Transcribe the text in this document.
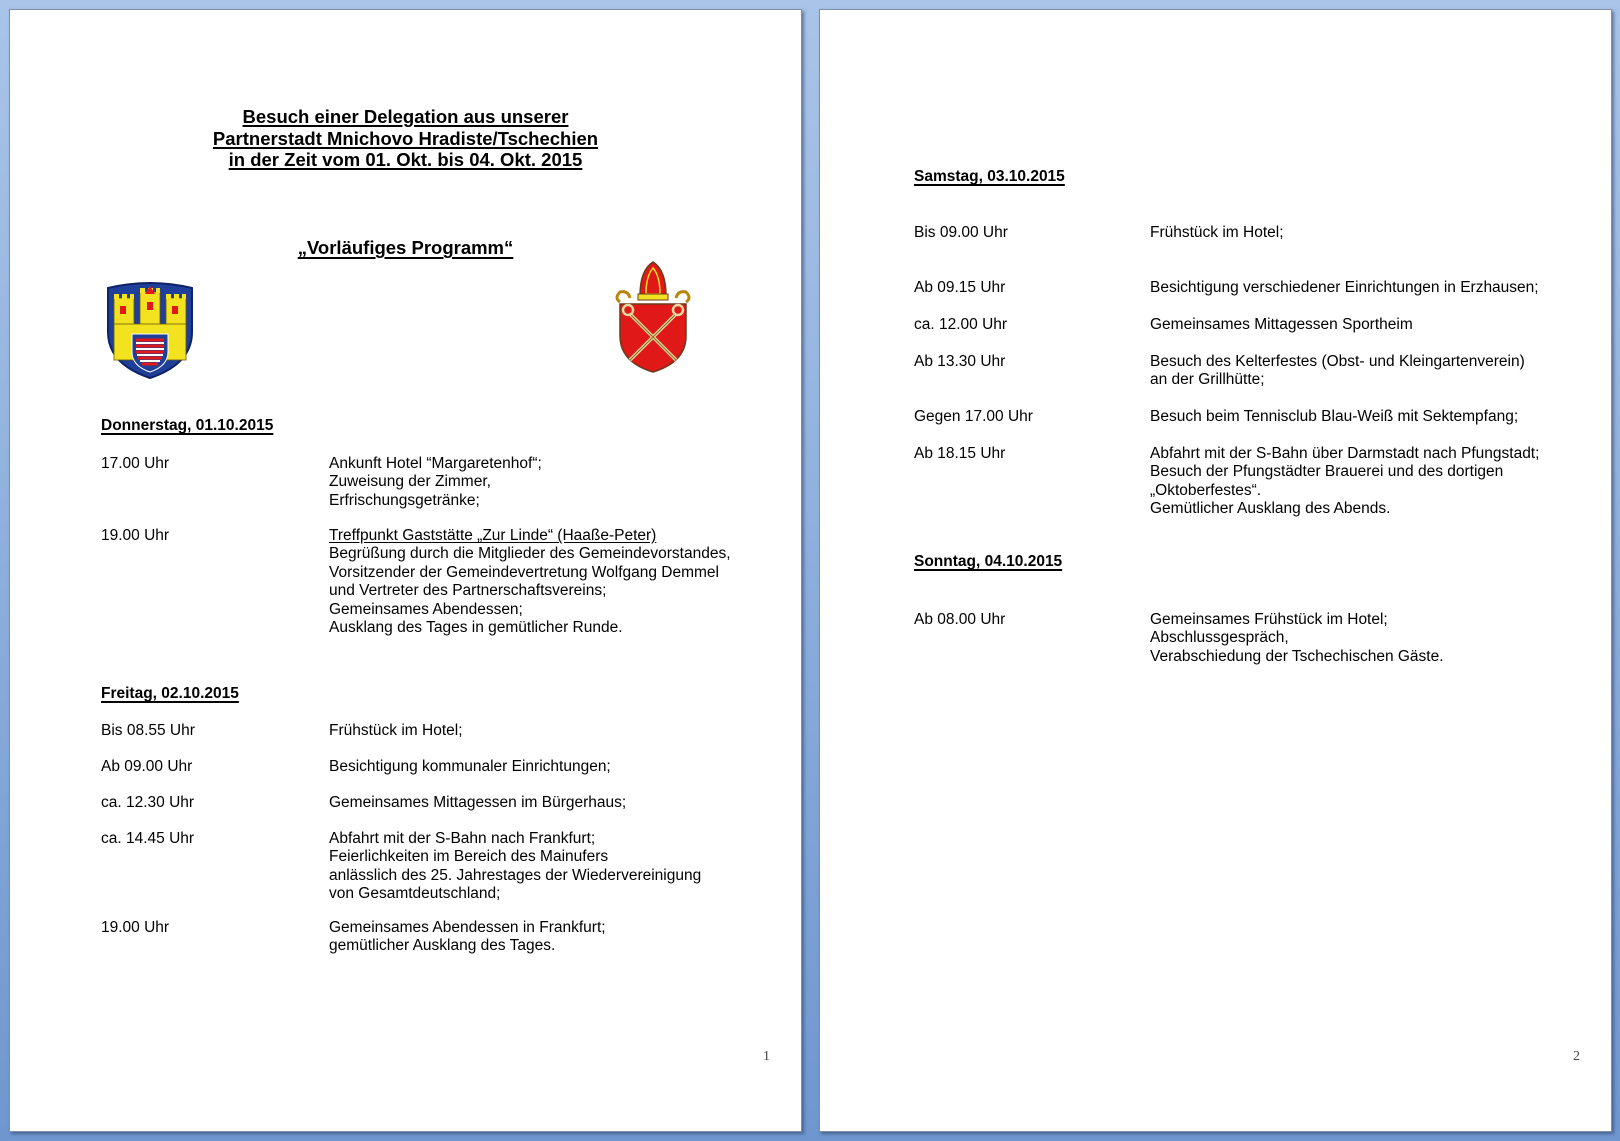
Besuch einer Delegation aus unserer
Partnerstadt Mnichovo Hradiste/Tschechien
in der Zeit vom 01. Okt. bis 04. Okt. 2015
„Vorläufiges Programm“
Donnerstag, 01.10.2015
17.00 Uhr	Ankunft Hotel “Margaretenhof“;
Zuweisung der Zimmer,
Erfrischungsgetränke;
19.00 Uhr	Treffpunkt Gaststätte „Zur Linde“ (Haaße-Peter)
Begrüßung durch die Mitglieder des Gemeindevorstandes,
Vorsitzender der Gemeindevertretung Wolfgang Demmel
und Vertreter des Partnerschaftsvereins;
Gemeinsames Abendessen;
Ausklang des Tages in gemütlicher Runde.
Freitag, 02.10.2015
Bis 08.55 Uhr	Frühstück im Hotel;
Ab 09.00 Uhr	Besichtigung kommunaler Einrichtungen;
ca. 12.30 Uhr	Gemeinsames Mittagessen im Bürgerhaus;
ca. 14.45 Uhr	Abfahrt mit der S-Bahn nach Frankfurt;
Feierlichkeiten im Bereich des Mainufers
anlässlich des 25. Jahrestages der Wiedervereinigung
von Gesamtdeutschland;
19.00 Uhr	Gemeinsames Abendessen in Frankfurt;
gemütlicher Ausklang des Tages.
1
Samstag, 03.10.2015
Bis 09.00 Uhr	Frühstück im Hotel;
Ab 09.15 Uhr	Besichtigung verschiedener Einrichtungen in Erzhausen;
ca. 12.00 Uhr	Gemeinsames Mittagessen Sportheim
Ab 13.30 Uhr	Besuch des Kelterfestes (Obst- und Kleingartenverein)
an der Grillhütte;
Gegen 17.00 Uhr	Besuch beim Tennisclub Blau-Weiß mit Sektempfang;
Ab 18.15 Uhr	Abfahrt mit der S-Bahn über Darmstadt nach Pfungstadt;
Besuch der Pfungstädter Brauerei und des dortigen
„Oktoberfestes“.
Gemütlicher Ausklang des Abends.
Sonntag, 04.10.2015
Ab 08.00 Uhr	Gemeinsames Frühstück im Hotel;
Abschlussgespräch,
Verabschiedung der Tschechischen Gäste.
2
